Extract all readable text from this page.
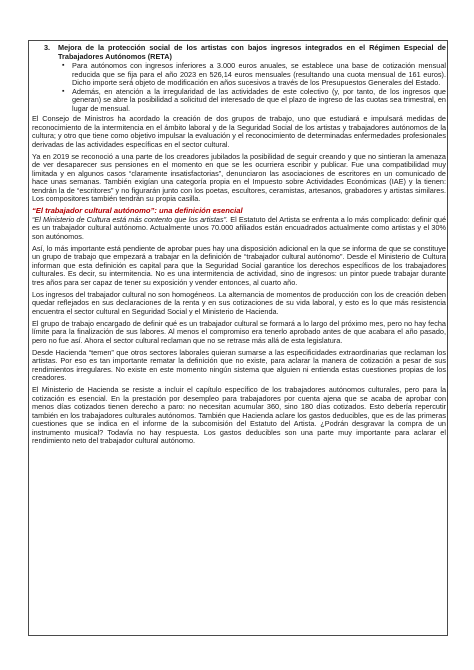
3.	Mejora de la protección social de los artistas con bajos ingresos integrados en el Régimen Especial de Trabajadores Autónomos (RETA)
▪	Para autónomos con ingresos inferiores a 3.000 euros anuales, se establece una base de cotización mensual reducida que se fija para el año 2023 en 526,14 euros mensuales (resultando una cuota mensual de 161 euros). Dicho importe será objeto de modificación en años sucesivos a través de los Presupuestos Generales del Estado.
▪	Además, en atención a la irregularidad de las actividades de este colectivo (y, por tanto, de los ingresos que generan) se abre la posibilidad a solicitud del interesado de que el plazo de ingreso de las cuotas sea trimestral, en lugar de mensual.

El Consejo de Ministros ha acordado la creación de dos grupos de trabajo, uno que estudiará e impulsará medidas de reconocimiento de la intermitencia en el ámbito laboral y de la Seguridad Social de los artistas y trabajadores autónomos de la cultura; y otro que tiene como objetivo impulsar la evaluación y el reconocimiento de determinadas enfermedades profesionales derivadas de las actividades específicas en el sector cultural.

Ya en 2019 se reconoció a una parte de los creadores jubilados la posibilidad de seguir creando y que no sintieran la amenaza de ver desaparecer sus pensiones en el momento en que se les ocurriera escribir y publicar. Fue una compatibilidad muy limitada y en algunos casos “claramente insatisfactorias”, denunciaron las asociaciones de escritores en un comunicado de hace unas semanas. También exigían una categoría propia en el Impuesto sobre Actividades Económicas (IAE) y la tienen: tendrán la de “escritores” y no figurarán junto con los poetas, escultores, ceramistas, artesanos, grabadores y artistas similares. Los compositores también tendrán su propia casilla.

“El trabajador cultural autónomo”: una definición esencial

“El Ministerio de Cultura está más contento que los artistas”. El Estatuto del Artista se enfrenta a lo más complicado: definir qué es un trabajador cultural autónomo. Actualmente unos 70.000 afiliados están encuadrados actualmente como artistas y el 30% son autónomos.

Así, lo más importante está pendiente de aprobar pues hay una disposición adicional en la que se informa de que se constituye un grupo de trabajo que empezará a trabajar en la definición de “trabajador cultural autónomo”. Desde el Ministerio de Cultura informan que esta definición es capital para que la Seguridad Social garantice los derechos específicos de los trabajadores culturales. Es decir, su intermitencia. No es una intermitencia de actividad, sino de ingresos: un pintor puede trabajar durante tres años para ser capaz de tener su exposición y vender entonces, al cuarto año.

Los ingresos del trabajador cultural no son homogéneos. La alternancia de momentos de producción con los de creación deben quedar reflejados en sus declaraciones de la renta y en sus cotizaciones de su vida laboral, y esto es lo que más resistencia encuentra el sector cultural en Seguridad Social y el Ministerio de Hacienda.

El grupo de trabajo encargado de definir qué es un trabajador cultural se formará a lo largo del próximo mes, pero no hay fecha límite para la finalización de sus labores. Al menos el compromiso era tenerlo aprobado antes de que acabara el año pasado, pero no fue así. Ahora el sector cultural reclaman que no se retrase más allá de esta legislatura.

Desde Hacienda “temen” que otros sectores laborales quieran sumarse a las especificidades extraordinarias que reclaman los artistas. Por eso es tan importante rematar la definición que no existe, para aclarar la manera de cotización a pesar de sus rendimientos irregulares. No existe en este momento ningún sistema que alguien ni entienda estas cuestiones propias de los creadores.

El Ministerio de Hacienda se resiste a incluir el capítulo específico de los trabajadores autónomos culturales, pero para la cotización es esencial. En la prestación por desempleo para trabajadores por cuenta ajena que se acaba de aprobar con menos días cotizados tienen derecho a paro: no necesitan acumular 360, sino 180 días cotizados. Esto debería repercutir también en los trabajadores culturales autónomos. También que Hacienda aclare los gastos deducibles, que es de las primeras cuestiones que se indica en el informe de la subcomisión del Estatuto del Artista. ¿Podrán desgravar la compra de un instrumento musical? Todavía no hay respuesta. Los gastos deducibles son una parte muy importante para aclarar el rendimiento neto del trabajador cultural autónomo.
